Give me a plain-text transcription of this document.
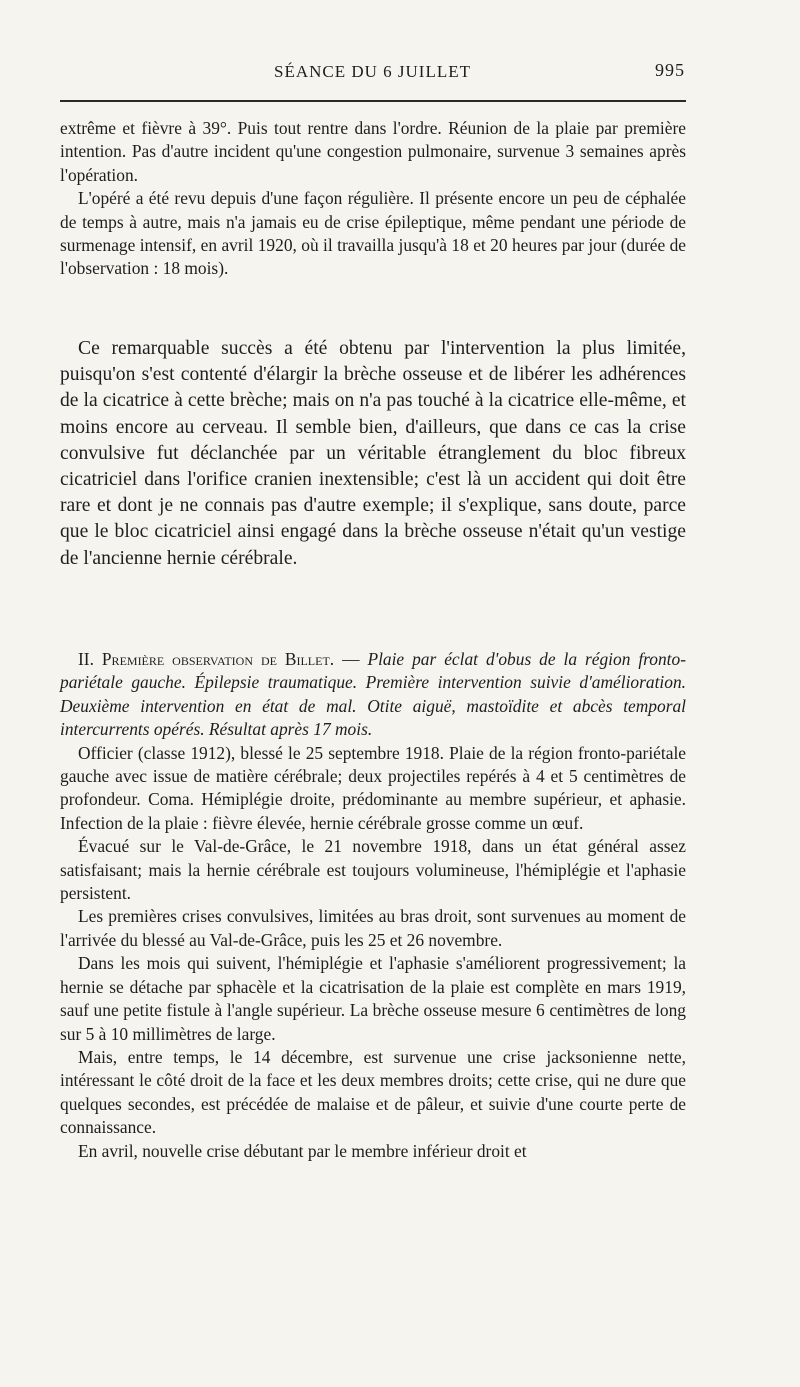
SÉANCE DU 6 JUILLET	995

extrême et fièvre à 39°. Puis tout rentre dans l'ordre. Réunion de la plaie par première intention. Pas d'autre incident qu'une congestion pulmonaire, survenue 3 semaines après l'opération.

L'opéré a été revu depuis d'une façon régulière. Il présente encore un peu de céphalée de temps à autre, mais n'a jamais eu de crise épileptique, même pendant une période de surmenage intensif, en avril 1920, où il travailla jusqu'à 18 et 20 heures par jour (durée de l'observation : 18 mois).

Ce remarquable succès a été obtenu par l'intervention la plus limitée, puisqu'on s'est contenté d'élargir la brèche osseuse et de libérer les adhérences de la cicatrice à cette brèche; mais on n'a pas touché à la cicatrice elle-même, et moins encore au cerveau. Il semble bien, d'ailleurs, que dans ce cas la crise convulsive fut déclanchée par un véritable étranglement du bloc fibreux cicatriciel dans l'orifice cranien inextensible; c'est là un accident qui doit être rare et dont je ne connais pas d'autre exemple; il s'explique, sans doute, parce que le bloc cicatriciel ainsi engagé dans la brèche osseuse n'était qu'un vestige de l'ancienne hernie cérébrale.

II. Première observation de Billet. — Plaie par éclat d'obus de la région fronto-pariétale gauche. Épilepsie traumatique. Première intervention suivie d'amélioration. Deuxième intervention en état de mal. Otite aiguë, mastoïdite et abcès temporal intercurrents opérés. Résultat après 17 mois.

Officier (classe 1912), blessé le 25 septembre 1918. Plaie de la région fronto-pariétale gauche avec issue de matière cérébrale; deux projectiles repérés à 4 et 5 centimètres de profondeur. Coma. Hémiplégie droite, prédominante au membre supérieur, et aphasie. Infection de la plaie : fièvre élevée, hernie cérébrale grosse comme un œuf.

Évacué sur le Val-de-Grâce, le 21 novembre 1918, dans un état général assez satisfaisant; mais la hernie cérébrale est toujours volumineuse, l'hémiplégie et l'aphasie persistent.

Les premières crises convulsives, limitées au bras droit, sont survenues au moment de l'arrivée du blessé au Val-de-Grâce, puis les 25 et 26 novembre.

Dans les mois qui suivent, l'hémiplégie et l'aphasie s'améliorent progressivement; la hernie se détache par sphacèle et la cicatrisation de la plaie est complète en mars 1919, sauf une petite fistule à l'angle supérieur. La brèche osseuse mesure 6 centimètres de long sur 5 à 10 millimètres de large.

Mais, entre temps, le 14 décembre, est survenue une crise jacksonienne nette, intéressant le côté droit de la face et les deux membres droits; cette crise, qui ne dure que quelques secondes, est précédée de malaise et de pâleur, et suivie d'une courte perte de connaissance.

En avril, nouvelle crise débutant par le membre inférieur droit et
